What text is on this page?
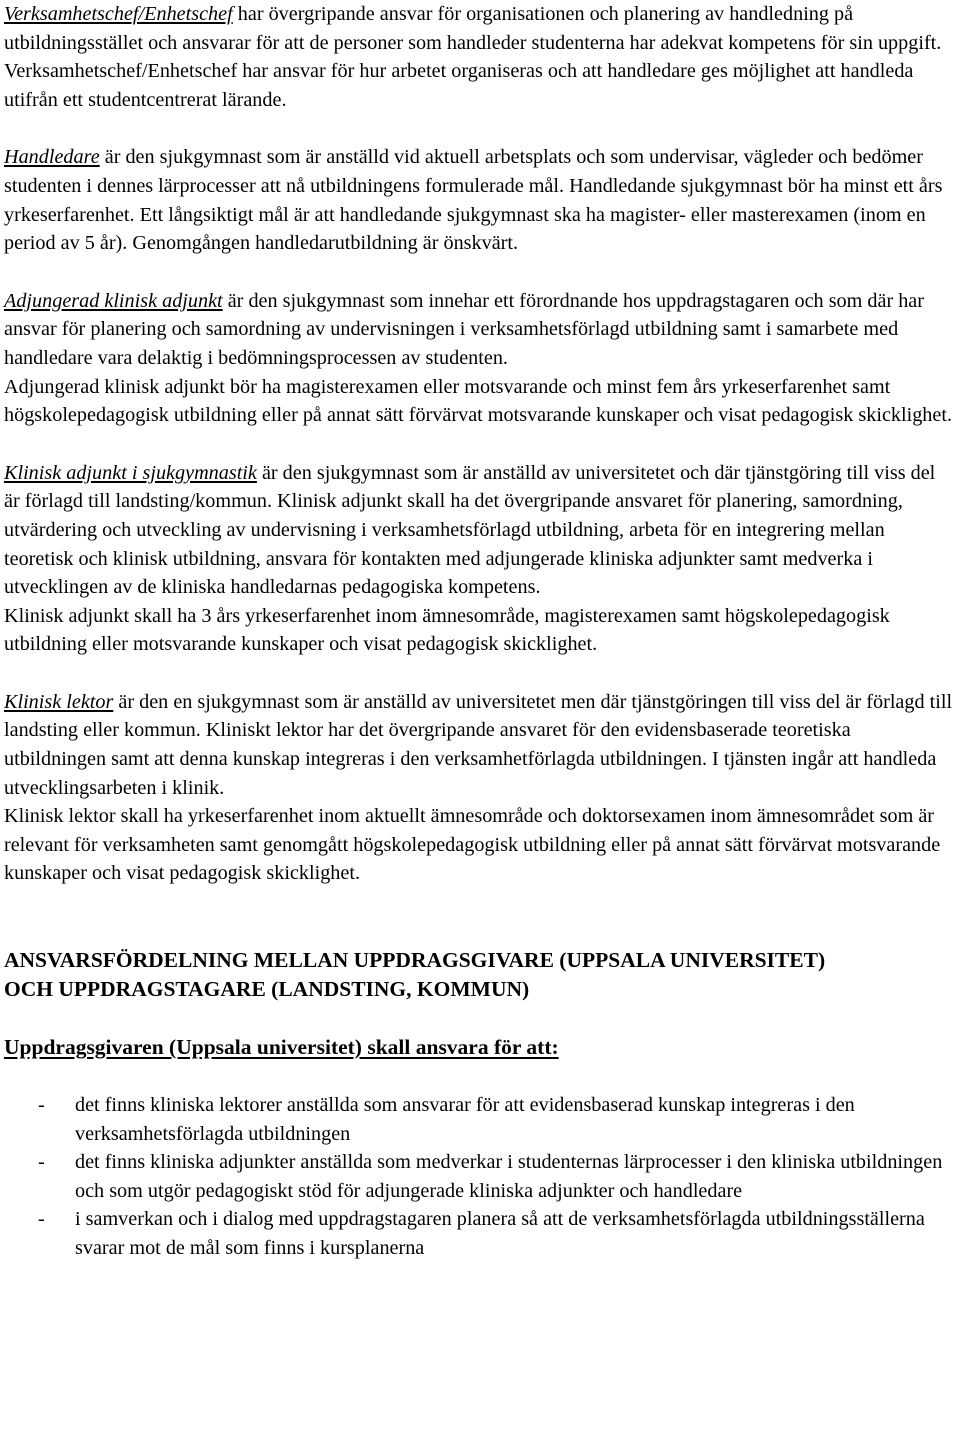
Verksamhetschef/Enhetschef har övergripande ansvar för organisationen och planering av handledning på utbildningsstället och ansvarar för att de personer som handleder studenterna har adekvat kompetens för sin uppgift.
Verksamhetschef/Enhetschef har ansvar för hur arbetet organiseras och att handledare ges möjlighet att handleda utifrån ett studentcentrerat lärande.

Handledare är den sjukgymnast som är anställd vid aktuell arbetsplats och som undervisar, vägleder och bedömer studenten i dennes lärprocesser att nå utbildningens formulerade mål. Handledande sjukgymnast bör ha minst ett års yrkeserfarenhet. Ett långsiktigt mål är att handledande sjukgymnast ska ha magister- eller masterexamen (inom en period av 5 år). Genomgången handledarutbildning är önskvärt.

Adjungerad klinisk adjunkt är den sjukgymnast som innehar ett förordnande hos uppdragstagaren och som där har ansvar för planering och samordning av undervisningen i verksamhetsförlagd utbildning samt i samarbete med handledare vara delaktig i bedömningsprocessen av studenten.
Adjungerad klinisk adjunkt bör ha magisterexamen eller motsvarande och minst fem års yrkeserfarenhet samt högskolepedagogisk utbildning eller på annat sätt förvärvat motsvarande kunskaper och visat pedagogisk skicklighet.

Klinisk adjunkt i sjukgymnastik är den sjukgymnast som är anställd av universitetet och där tjänstgöring till viss del är förlagd till landsting/kommun. Klinisk adjunkt skall ha det övergripande ansvaret för planering, samordning, utvärdering och utveckling av undervisning i verksamhetsförlagd utbildning, arbeta för en integrering mellan teoretisk och klinisk utbildning, ansvara för kontakten med adjungerade kliniska adjunkter samt medverka i utvecklingen av de kliniska handledarnas pedagogiska kompetens.
Klinisk adjunkt skall ha 3 års yrkeserfarenhet inom ämnesområde, magisterexamen samt högskolepedagogisk utbildning eller motsvarande kunskaper och visat pedagogisk skicklighet.

Klinisk lektor är den en sjukgymnast som är anställd av universitetet men där tjänstgöringen till viss del är förlagd till landsting eller kommun. Kliniskt lektor har det övergripande ansvaret för den evidensbaserade teoretiska utbildningen samt att denna kunskap integreras i den verksamhetförlagda utbildningen. I tjänsten ingår att handleda utvecklingsarbeten i klinik.
Klinisk lektor skall ha yrkeserfarenhet inom aktuellt ämnesområde och doktorsexamen inom ämnesområdet som är relevant för verksamheten samt genomgått högskolepedagogisk utbildning eller på annat sätt förvärvat motsvarande kunskaper och visat pedagogisk skicklighet.

ANSVARSFÖRDELNING MELLAN UPPDRAGSGIVARE (UPPSALA UNIVERSITET)
OCH UPPDRAGSTAGARE (LANDSTING, KOMMUN)

Uppdragsgivaren (Uppsala universitet) skall ansvara för att:

- det finns kliniska lektorer anställda som ansvarar för att evidensbaserad kunskap integreras i den verksamhetsförlagda utbildningen
- det finns kliniska adjunkter anställda som medverkar i studenternas lärprocesser i den kliniska utbildningen och som utgör pedagogiskt stöd för adjungerade kliniska adjunkter och handledare
- i samverkan och i dialog med uppdragstagaren planera så att de verksamhetsförlagda utbildningsställerna svarar mot de mål som finns i kursplanerna
